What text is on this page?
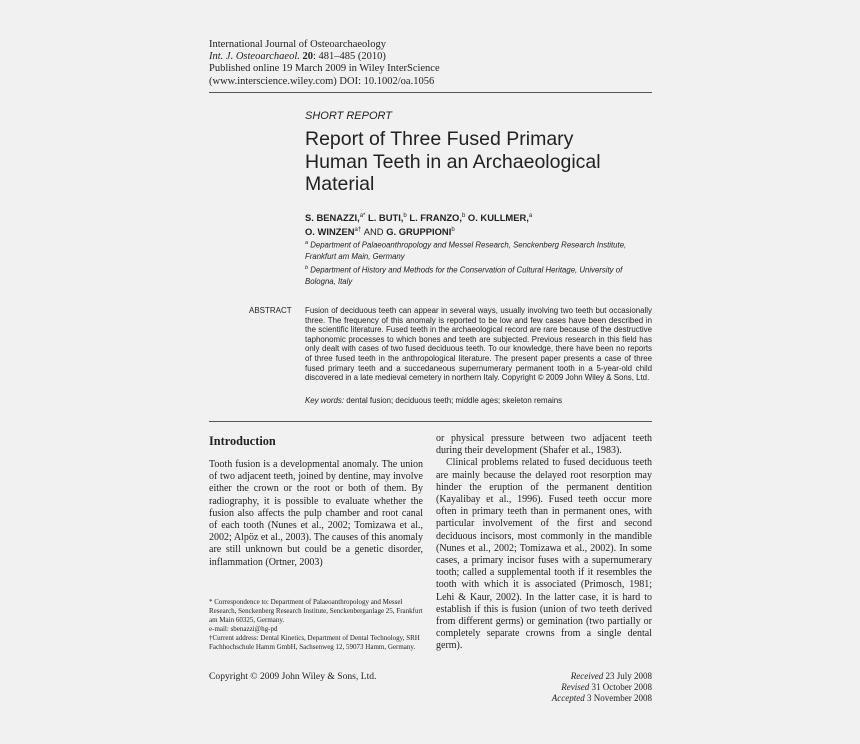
International Journal of Osteoarchaeology
Int. J. Osteoarchaeol. 20: 481–485 (2010)
Published online 19 March 2009 in Wiley InterScience
(www.interscience.wiley.com) DOI: 10.1002/oa.1056
SHORT REPORT
Report of Three Fused Primary
Human Teeth in an Archaeological
Material
S. BENAZZI,$^{a*}$ L. BUTI,$^b$ L. FRANZO,$^b$ O. KULLMER,$^a$
O. $WINZEN^{a\dagger}$ AND G. GRUPPIONI$^b$
$^a$ Department of Palaeoanthropology and Messel Research, Senckenberg Research Institute, Frankfurt am Main, Germany
$^b$ Department of History and Methods for the Conservation of Cultural Heritage, University of Bologna, Italy
ABSTRACT Fusion of deciduous teeth can appear in several ways, usually involving two teeth but occasionally three. The frequency of this anomaly is reported to be low and few cases have been described in the scientific literature. Fused teeth in the archaeological record are rare because of the destructive taphonomic processes to which bones and teeth are subjected. Previous research in this field has only dealt with cases of two fused deciduous teeth. To our knowledge, there have been no reports of three fused teeth in the anthropological literature. The present paper presents a case of three fused primary teeth and a succedaneous supernumerary permanent tooth in a 5-year-old child discovered in a late medieval cemetery in northern Italy. Copyright © 2009 John Wiley & Sons, Ltd.
Key words: dental fusion; deciduous teeth; middle ages; skeleton remains
Introduction

Tooth fusion is a developmental anomaly. The union of two adjacent teeth, joined by dentine, may involve either the crown or the root or both of them. By radiography, it is possible to evaluate whether the fusion also affects the pulp chamber and root canal of each tooth (Nunes et al., 2002; Tomizawa et al., 2002; Alpöz et al., 2003). The causes of this anomaly are still unknown but could be a genetic disorder, inflammation (Ortner, 2003)

or physical pressure between two adjacent teeth during their development (Shafer et al., 1983).

Clinical problems related to fused deciduous teeth are mainly because the delayed root resorption may hinder the eruption of the permanent dentition (Kayalibay et al., 1996). Fused teeth occur more often in primary teeth than in permanent ones, with particular involvement of the first and second deciduous incisors, most commonly in the mandible (Nunes et al., 2002; Tomizawa et al., 2002). In some cases, a primary incisor fuses with a supernumerary tooth; called a supplemental tooth if it resembles the tooth with which it is associated (Primosch, 1981; Lehi & Kaur, 2002). In the latter case, it is hard to establish if this is fusion (union of two teeth derived from different germs) or gemination (two partially or completely separate crowns from a single dental germ).

* Correspondence to: Department of Palaeoanthropology and Messel Research, Senckenberg Research Institute, Senckenberganlage 25, Frankfurt am Main 60325, Germany.

e-mail: sbenazzi@hg-pd

†Current address: Dental Kinetics, Department of Dental Technology, SRH Fachhochschule Hamm GmbH, Sachsenweg 12, 59073 Hamm, Germany.

Copyright © 2009 John Wiley & Sons, Ltd.	Received 23 July 2008
Revised 31 October 2008
Accepted 3 November 2008
